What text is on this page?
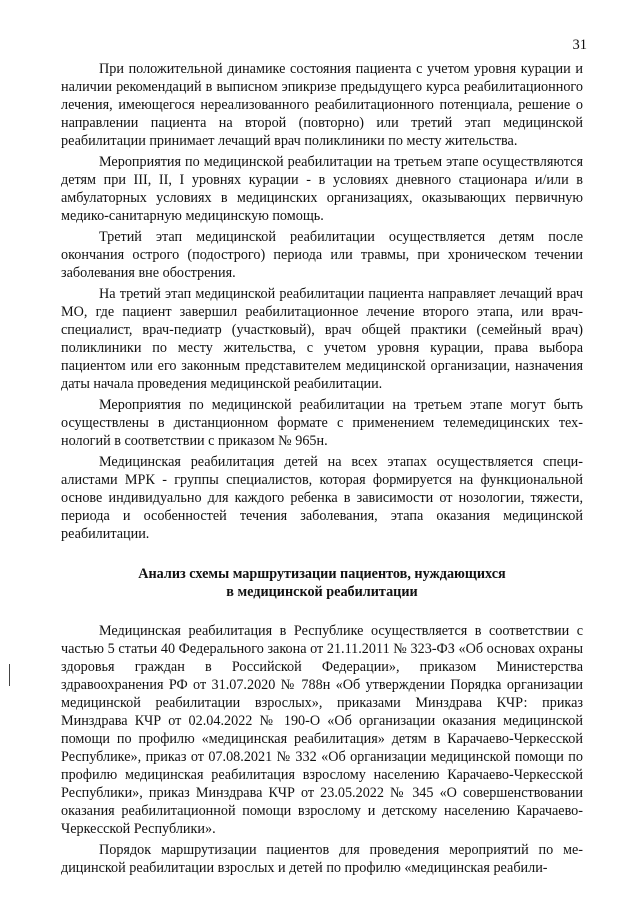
31

При положительной динамике состояния пациента с учетом уровня курации и наличии рекомендаций в выписном эпикризе предыдущего курса реабилитационного лечения, имеющегося нереализованного реабилитационного потенциала, решение о направлении пациента на второй (повторно) или третий этап медицинской реабилитации принимает лечащий врач поликлиники по месту жительства.

Мероприятия по медицинской реабилитации на третьем этапе осуществляются детям при III, II, I уровнях курации - в условиях дневного стационара и/или в амбулаторных условиях в медицинских организациях, оказывающих первичную медико-санитарную медицинскую помощь.

Третий этап медицинской реабилитации осуществляется детям после окончания острого (подострого) периода или травмы, при хроническом течении заболевания вне обострения.

На третий этап медицинской реабилитации пациента направляет лечащий врач МО, где пациент завершил реабилитационное лечение второго этапа, или врач-специалист, врач-педиатр (участковый), врач общей практики (семейный врач) поликлиники по месту жительства, с учетом уровня курации, права выбора пациентом или его законным представителем медицинской организации, назначения даты начала проведения медицинской реабилитации.

Мероприятия по медицинской реабилитации на третьем этапе могут быть осуществлены в дистанционном формате с применением телемедицинских технологий в соответствии с приказом № 965н.

Медицинская реабилитация детей на всех этапах осуществляется специалистами МРК - группы специалистов, которая формируется на функциональной основе индивидуально для каждого ребенка в зависимости от нозологии, тяжести, периода и особенностей течения заболевания, этапа оказания медицинской реабилитации.

Анализ схемы маршрутизации пациентов, нуждающихся
в медицинской реабилитации

Медицинская реабилитация в Республике осуществляется в соответствии с частью 5 статьи 40 Федерального закона от 21.11.2011 № 323-ФЗ «Об основах охраны здоровья граждан в Российской Федерации», приказом Министерства здравоохранения РФ от 31.07.2020 № 788н «Об утверждении Порядка организации медицинской реабилитации взрослых», приказами Минздрава КЧР: приказ Минздрава КЧР от 02.04.2022 № 190-О «Об организации оказания медицинской помощи по профилю «медицинская реабилитация» детям в Карачаево-Черкесской Республике», приказ от 07.08.2021 № 332 «Об организации медицинской помощи по профилю медицинская реабилитация взрослому населению Карачаево-Черкесской Республики», приказ Минздрава КЧР от 23.05.2022 № 345 «О совершенствовании оказания реабилитационной помощи взрослому и детскому населению Карачаево-Черкесской Республики».

Порядок маршрутизации пациентов для проведения мероприятий по медицинской реабилитации взрослых и детей по профилю «медицинская реабили-
